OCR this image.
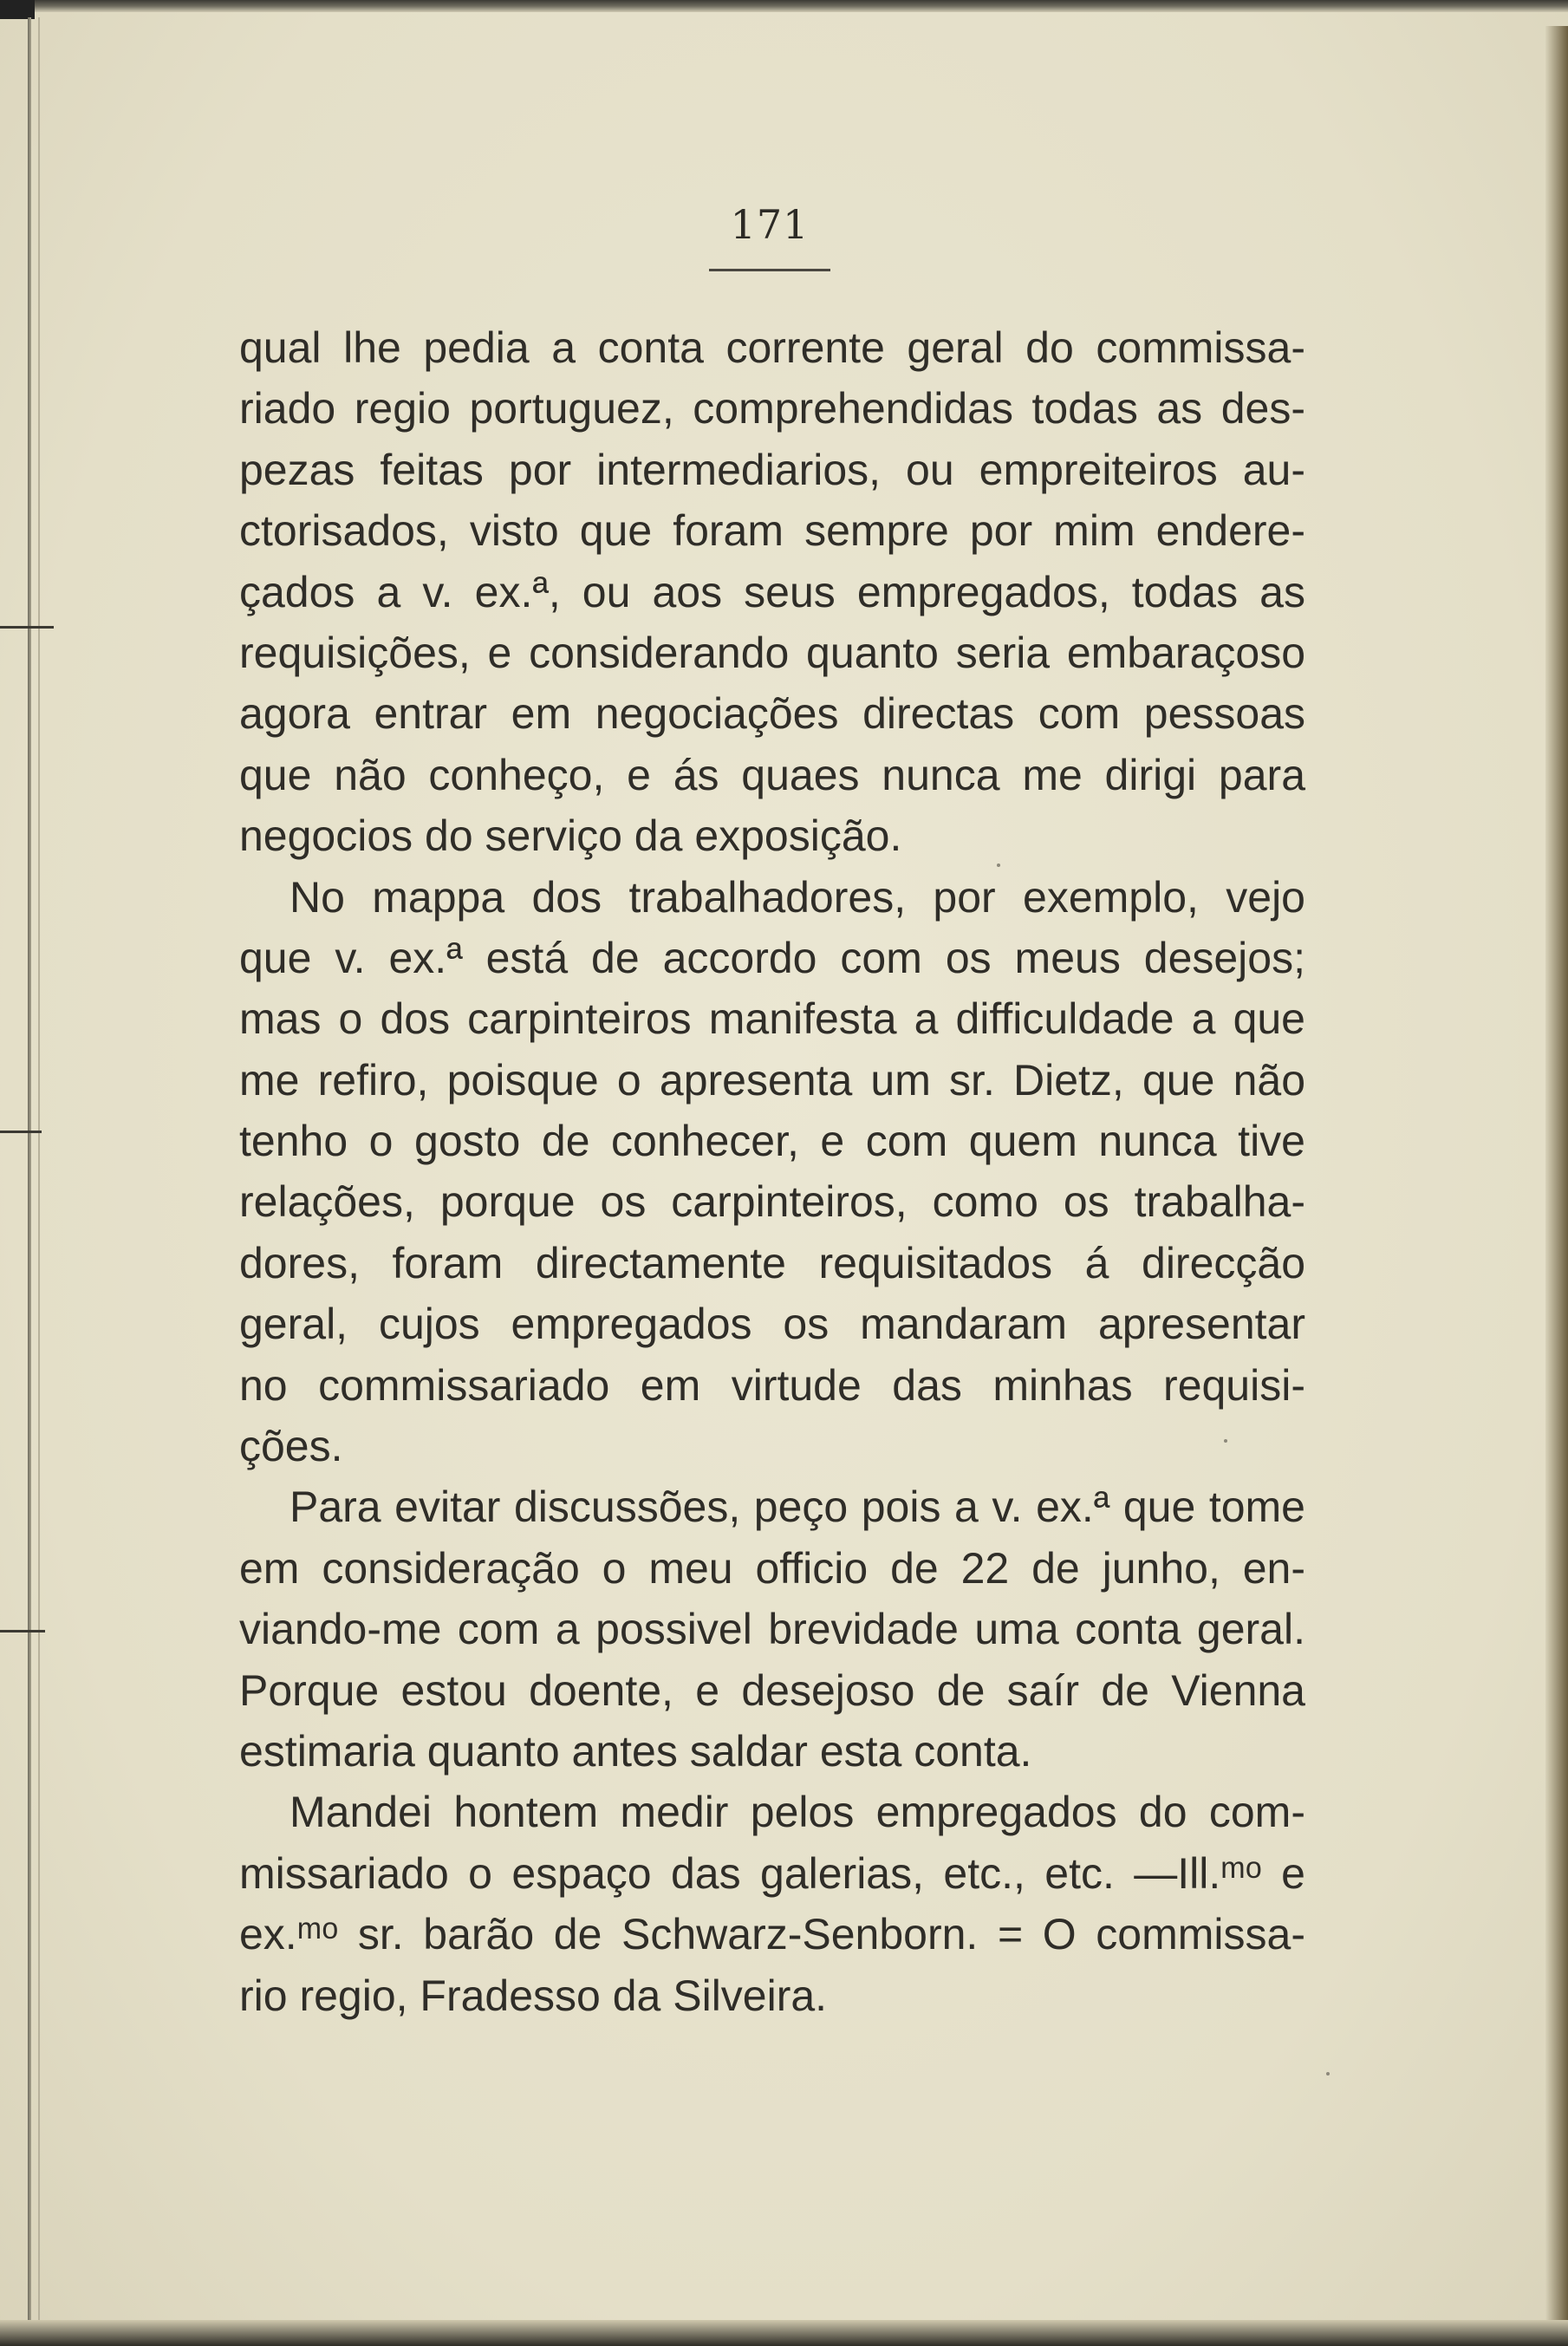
171
qual lhe pedia a conta corrente geral do commissa-
riado regio portuguez, comprehendidas todas as des-
pezas feitas por intermediarios, ou empreiteiros au-
ctorisados, visto que foram sempre por mim endere-
çados a v. ex.ª, ou aos seus empregados, todas as
requisições, e considerando quanto seria embaraçoso
agora entrar em negociações directas com pessoas
que não conheço, e ás quaes nunca me dirigi para
negocios do serviço da exposição.
No mappa dos trabalhadores, por exemplo, vejo
que v. ex.ª está de accordo com os meus desejos;
mas o dos carpinteiros manifesta a difficuldade a que
me refiro, poisque o apresenta um sr. Dietz, que não
tenho o gosto de conhecer, e com quem nunca tive
relações, porque os carpinteiros, como os trabalha-
dores, foram directamente requisitados á direcção
geral, cujos empregados os mandaram apresentar
no commissariado em virtude das minhas requisi-
ções.
Para evitar discussões, peço pois a v. ex.ª que tome
em consideração o meu officio de 22 de junho, en-
viando-me com a possivel brevidade uma conta geral.
Porque estou doente, e desejoso de saír de Vienna
estimaria quanto antes saldar esta conta.
Mandei hontem medir pelos empregados do com-
missariado o espaço das galerias, etc., etc. —Ill.ᵐᵒ e
ex.ᵐᵒ sr. barão de Schwarz-Senborn. = O commissa-
rio regio, Fradesso da Silveira.
